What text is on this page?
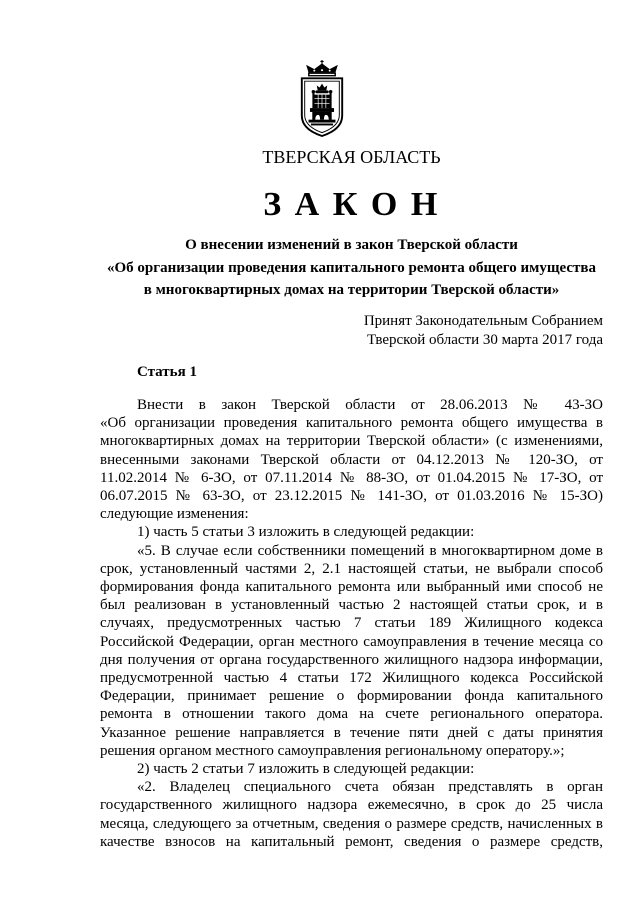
ТВЕРСКАЯ ОБЛАСТЬ
З А К О Н
О внесении изменений в закон Тверской области
«Об организации проведения капитального ремонта общего имущества
в многоквартирных домах на территории Тверской области»
Принят Законодательным Собранием
Тверской области 30 марта 2017 года
Статья 1
Внести в закон Тверской области от 28.06.2013 № 43-ЗО
«Об организации проведения капитального ремонта общего имущества в
многоквартирных домах на территории Тверской области» (с изменениями,
внесенными законами Тверской области от 04.12.2013 № 120-ЗО, от
11.02.2014 № 6-ЗО, от 07.11.2014 № 88-ЗО, от 01.04.2015 № 17-ЗО, от
06.07.2015 № 63-ЗО, от 23.12.2015 № 141-ЗО, от 01.03.2016 № 15-ЗО)
следующие изменения:
1) часть 5 статьи 3 изложить в следующей редакции:
«5. В случае если собственники помещений в многоквартирном доме в
срок, установленный частями 2, 2.1 настоящей статьи, не выбрали способ
формирования фонда капитального ремонта или выбранный ими способ не
был реализован в установленный частью 2 настоящей статьи срок, и в
случаях, предусмотренных частью 7 статьи 189 Жилищного кодекса
Российской Федерации, орган местного самоуправления в течение месяца со
дня получения от органа государственного жилищного надзора информации,
предусмотренной частью 4 статьи 172 Жилищного кодекса Российской
Федерации, принимает решение о формировании фонда капитального
ремонта в отношении такого дома на счете регионального оператора.
Указанное решение направляется в течение пяти дней с даты принятия
решения органом местного самоуправления региональному оператору.»;
2) часть 2 статьи 7 изложить в следующей редакции:
«2. Владелец специального счета обязан представлять в орган
государственного жилищного надзора ежемесячно, в срок до 25 числа
месяца, следующего за отчетным, сведения о размере средств, начисленных в
качестве взносов на капитальный ремонт, сведения о размере средств,
